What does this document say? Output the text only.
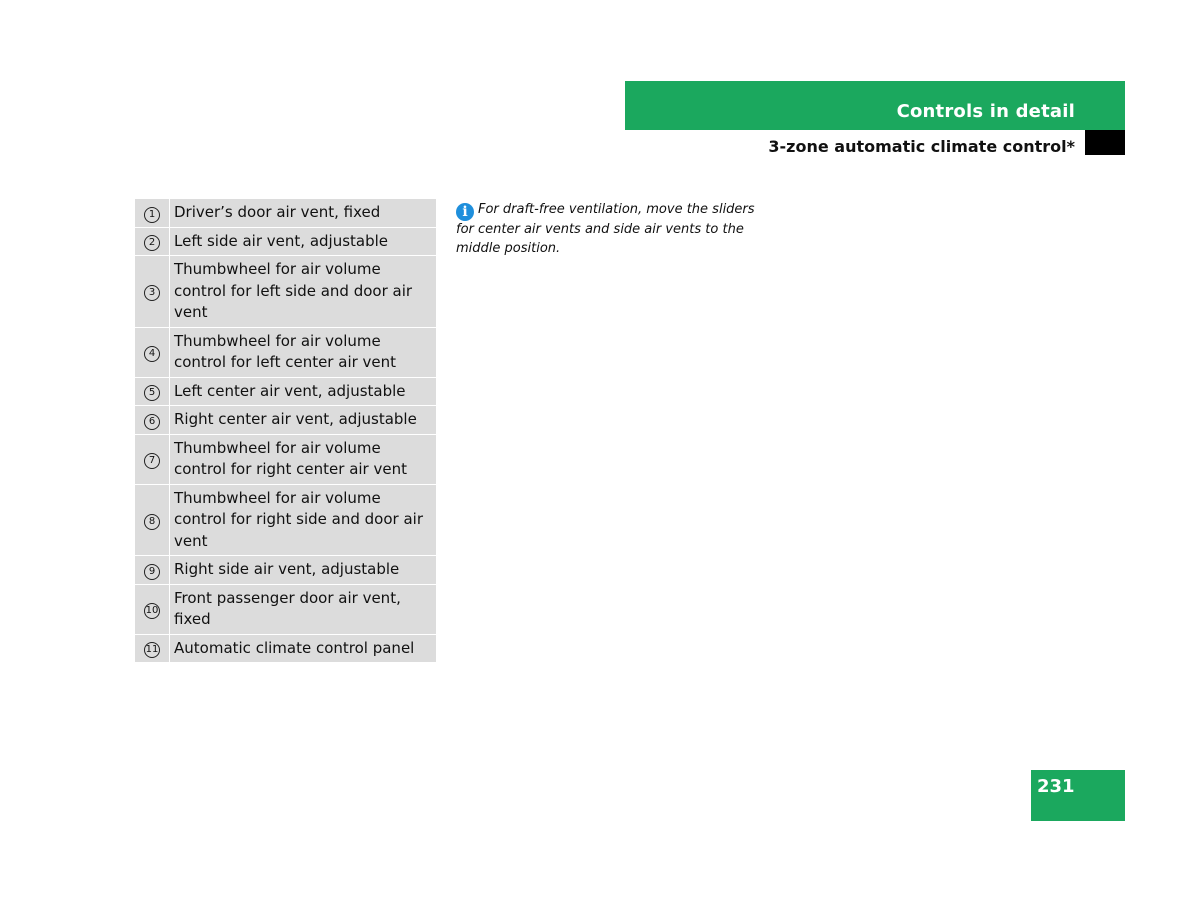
Controls in detail
3-zone automatic climate control*
1	Driver’s door air vent, fixed
2	Left side air vent, adjustable
3	Thumbwheel for air volume control for left side and door air vent
4	Thumbwheel for air volume control for left center air vent
5	Left center air vent, adjustable
6	Right center air vent, adjustable
7	Thumbwheel for air volume control for right center air vent
8	Thumbwheel for air volume control for right side and door air vent
9	Right side air vent, adjustable
10	Front passenger door air vent, fixed
11	Automatic climate control panel
i For draft-free ventilation, move the sliders for center air vents and side air vents to the middle position.
231
